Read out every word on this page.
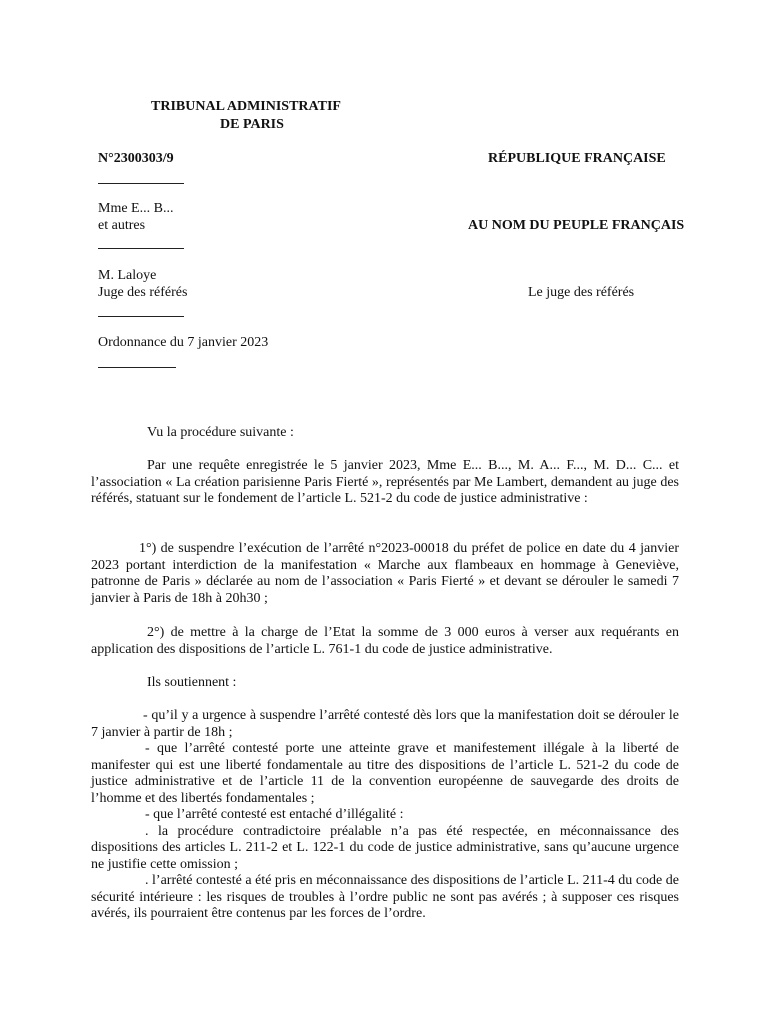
TRIBUNAL ADMINISTRATIF
DE PARIS
N°2300303/9	RÉPUBLIQUE FRANÇAISE
Mme E... B...
et autres	AU NOM DU PEUPLE FRANÇAIS
M. Laloye
Juge des référés	Le juge des référés
Ordonnance du 7 janvier 2023

Vu la procédure suivante :

Par une requête enregistrée le 5 janvier 2023, Mme E... B..., M. A... F..., M. D... C... et l’association « La création parisienne Paris Fierté », représentés par Me Lambert, demandent au juge des référés, statuant sur le fondement de l’article L. 521-2 du code de justice administrative :

1°) de suspendre l’exécution de l’arrêté n°2023-00018 du préfet de police en date du 4 janvier 2023 portant interdiction de la manifestation « Marche aux flambeaux en hommage à Geneviève, patronne de Paris » déclarée au nom de l’association « Paris Fierté » et devant se dérouler le samedi 7 janvier à Paris de 18h à 20h30 ;

2°) de mettre à la charge de l’Etat la somme de 3 000 euros à verser aux requérants en application des dispositions de l’article L. 761-1 du code de justice administrative.

Ils soutiennent :

- qu’il y a urgence à suspendre l’arrêté contesté dès lors que la manifestation doit se dérouler le 7 janvier à partir de 18h ;

- que l’arrêté contesté porte une atteinte grave et manifestement illégale à la liberté de manifester qui est une liberté fondamentale au titre des dispositions de l’article L. 521-2 du code de justice administrative et de l’article 11 de la convention européenne de sauvegarde des droits de l’homme et des libertés fondamentales ;

- que l’arrêté contesté est entaché d’illégalité :

. la procédure contradictoire préalable n’a pas été respectée, en méconnaissance des dispositions des articles L. 211-2 et L. 122-1 du code de justice administrative, sans qu’aucune urgence ne justifie cette omission ;

. l’arrêté contesté a été pris en méconnaissance des dispositions de l’article L. 211-4 du code de sécurité intérieure : les risques de troubles à l’ordre public ne sont pas avérés ; à supposer ces risques avérés, ils pourraient être contenus par les forces de l’ordre.
